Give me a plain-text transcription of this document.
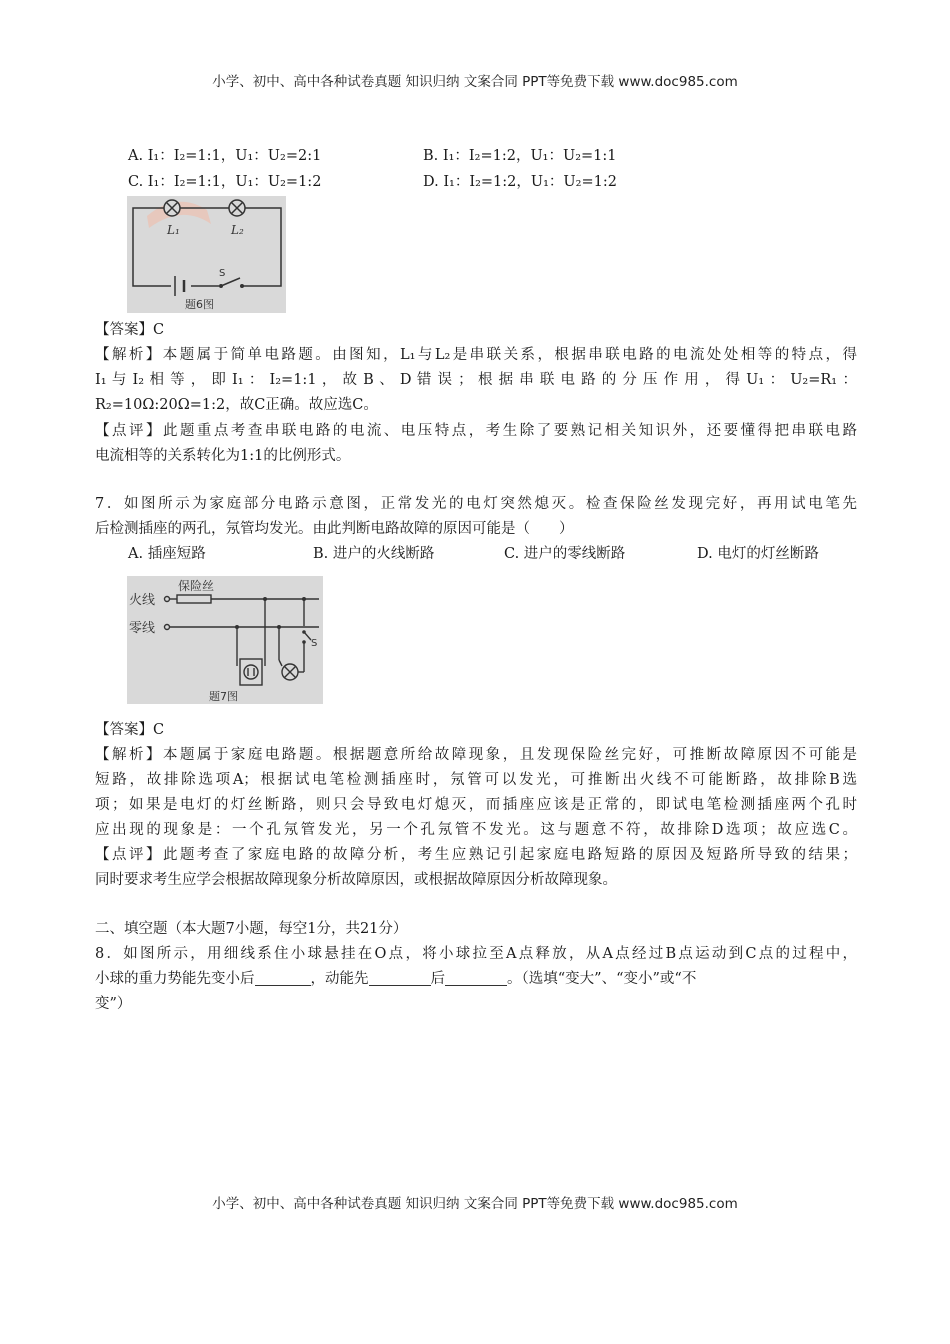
小学、初中、高中各种试卷真题 知识归纳 文案合同 PPT等免费下载 www.doc985.com
A. I₁：I₂=1:1，U₁：U₂=2:1	B. I₁：I₂=1:2，U₁：U₂=1:1
C. I₁：I₂=1:1，U₁：U₂=1:2	D. I₁：I₂=1:2，U₁：U₂=1:2
L₁	L₂
S
题6图
【答案】C
【解析】本题属于简单电路题。由图知，L₁与L₂是串联关系，根据串联电路的电流处处相等的特点，得
I₁ 与 I₂ 相 等 ， 即 I₁ ： I₂=1:1 ， 故 B 、 D 错 误 ； 根 据 串 联 电 路 的 分 压 作 用 ， 得 U₁ ： U₂=R₁ ：
R₂=10Ω:20Ω=1:2，故C正确。故应选C。
【点评】此题重点考查串联电路的电流、电压特点，考生除了要熟记相关知识外，还要懂得把串联电路
电流相等的关系转化为1:1的比例形式。
7．如图所示为家庭部分电路示意图，正常发光的电灯突然熄灭。检查保险丝发现完好，再用试电笔先
后检测插座的两孔，氖管均发光。由此判断电路故障的原因可能是（　　）
A. 插座短路	B. 进户的火线断路	C. 进户的零线断路	D. 电灯的灯丝断路
火线
零线
保险丝
S
题7图
【答案】C
【解析】本题属于家庭电路题。根据题意所给故障现象，且发现保险丝完好，可推断故障原因不可能是
短路，故排除选项A；根据试电笔检测插座时，氖管可以发光，可推断出火线不可能断路，故排除B选
项；如果是电灯的灯丝断路，则只会导致电灯熄灭，而插座应该是正常的，即试电笔检测插座两个孔时
应出现的现象是：一个孔氖管发光，另一个孔氖管不发光。这与题意不符，故排除D选项；故应选C。
【点评】此题考查了家庭电路的故障分析，考生应熟记引起家庭电路短路的原因及短路所导致的结果；
同时要求考生应学会根据故障现象分析故障原因，或根据故障原因分析故障现象。
二、填空题（本大题7小题，每空1分，共21分）
8．如图所示，用细线系住小球悬挂在O点，将小球拉至A点释放，从A点经过B点运动到C点的过程中，
小球的重力势能先变小后	，动能先	后	。（选填“变大”、“变小”或“不
变”）
小学、初中、高中各种试卷真题 知识归纳 文案合同 PPT等免费下载 www.doc985.com
